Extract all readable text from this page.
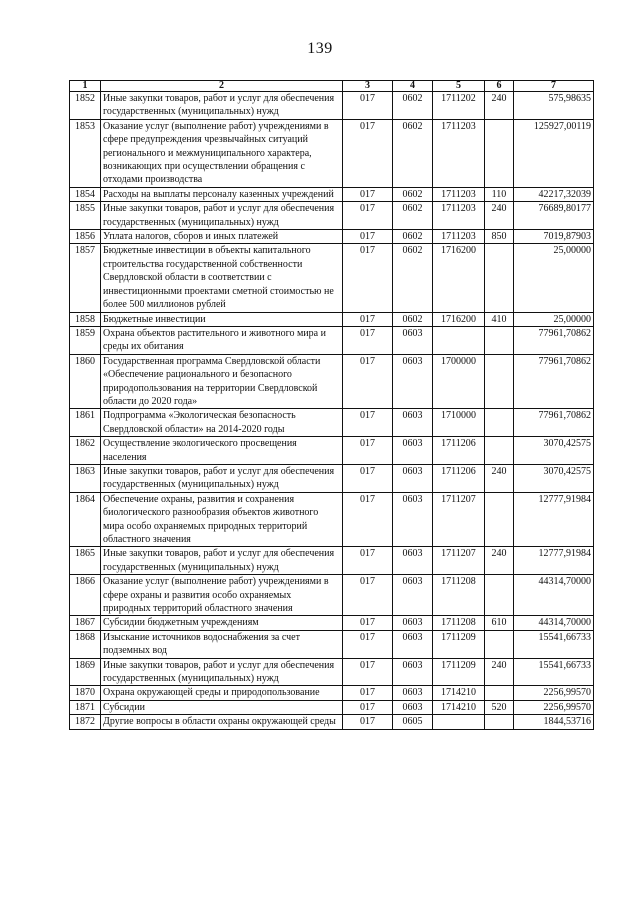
139
1	2	3	4	5	6	7
1852	Иные закупки товаров, работ и услуг для обеспечения государственных (муниципальных) нужд	017	0602	1711202	240	575,98635
1853	Оказание услуг (выполнение работ) учреждениями в сфере предупреждения чрезвычайных ситуаций регионального и межмуниципального характера, возникающих при осуществлении обращения с отходами производства	017	0602	1711203		125927,00119
1854	Расходы на выплаты персоналу казенных учреждений	017	0602	1711203	110	42217,32039
1855	Иные закупки товаров, работ и услуг для обеспечения государственных (муниципальных) нужд	017	0602	1711203	240	76689,80177
1856	Уплата налогов, сборов и иных платежей	017	0602	1711203	850	7019,87903
1857	Бюджетные инвестиции в объекты капитального строительства государственной собственности Свердловской области в соответствии с инвестиционными проектами сметной стоимостью не более 500 миллионов рублей	017	0602	1716200		25,00000
1858	Бюджетные инвестиции	017	0602	1716200	410	25,00000
1859	Охрана объектов растительного и животного мира и среды их обитания	017	0603			77961,70862
1860	Государственная программа Свердловской области «Обеспечение рационального и безопасного природопользования на территории Свердловской области до 2020 года»	017	0603	1700000		77961,70862
1861	Подпрограмма «Экологическая безопасность Свердловской области» на 2014-2020 годы	017	0603	1710000		77961,70862
1862	Осуществление экологического просвещения населения	017	0603	1711206		3070,42575
1863	Иные закупки товаров, работ и услуг для обеспечения государственных (муниципальных) нужд	017	0603	1711206	240	3070,42575
1864	Обеспечение охраны, развития и сохранения биологического разнообразия объектов животного мира особо охраняемых природных территорий областного значения	017	0603	1711207		12777,91984
1865	Иные закупки товаров, работ и услуг для обеспечения государственных (муниципальных) нужд	017	0603	1711207	240	12777,91984
1866	Оказание услуг (выполнение работ) учреждениями в сфере охраны и развития особо охраняемых природных территорий областного значения	017	0603	1711208		44314,70000
1867	Субсидии бюджетным учреждениям	017	0603	1711208	610	44314,70000
1868	Изыскание источников водоснабжения за счет подземных вод	017	0603	1711209		15541,66733
1869	Иные закупки товаров, работ и услуг для обеспечения государственных (муниципальных) нужд	017	0603	1711209	240	15541,66733
1870	Охрана окружающей среды и природопользование	017	0603	1714210		2256,99570
1871	Субсидии	017	0603	1714210	520	2256,99570
1872	Другие вопросы в области охраны окружающей среды	017	0605			1844,53716
